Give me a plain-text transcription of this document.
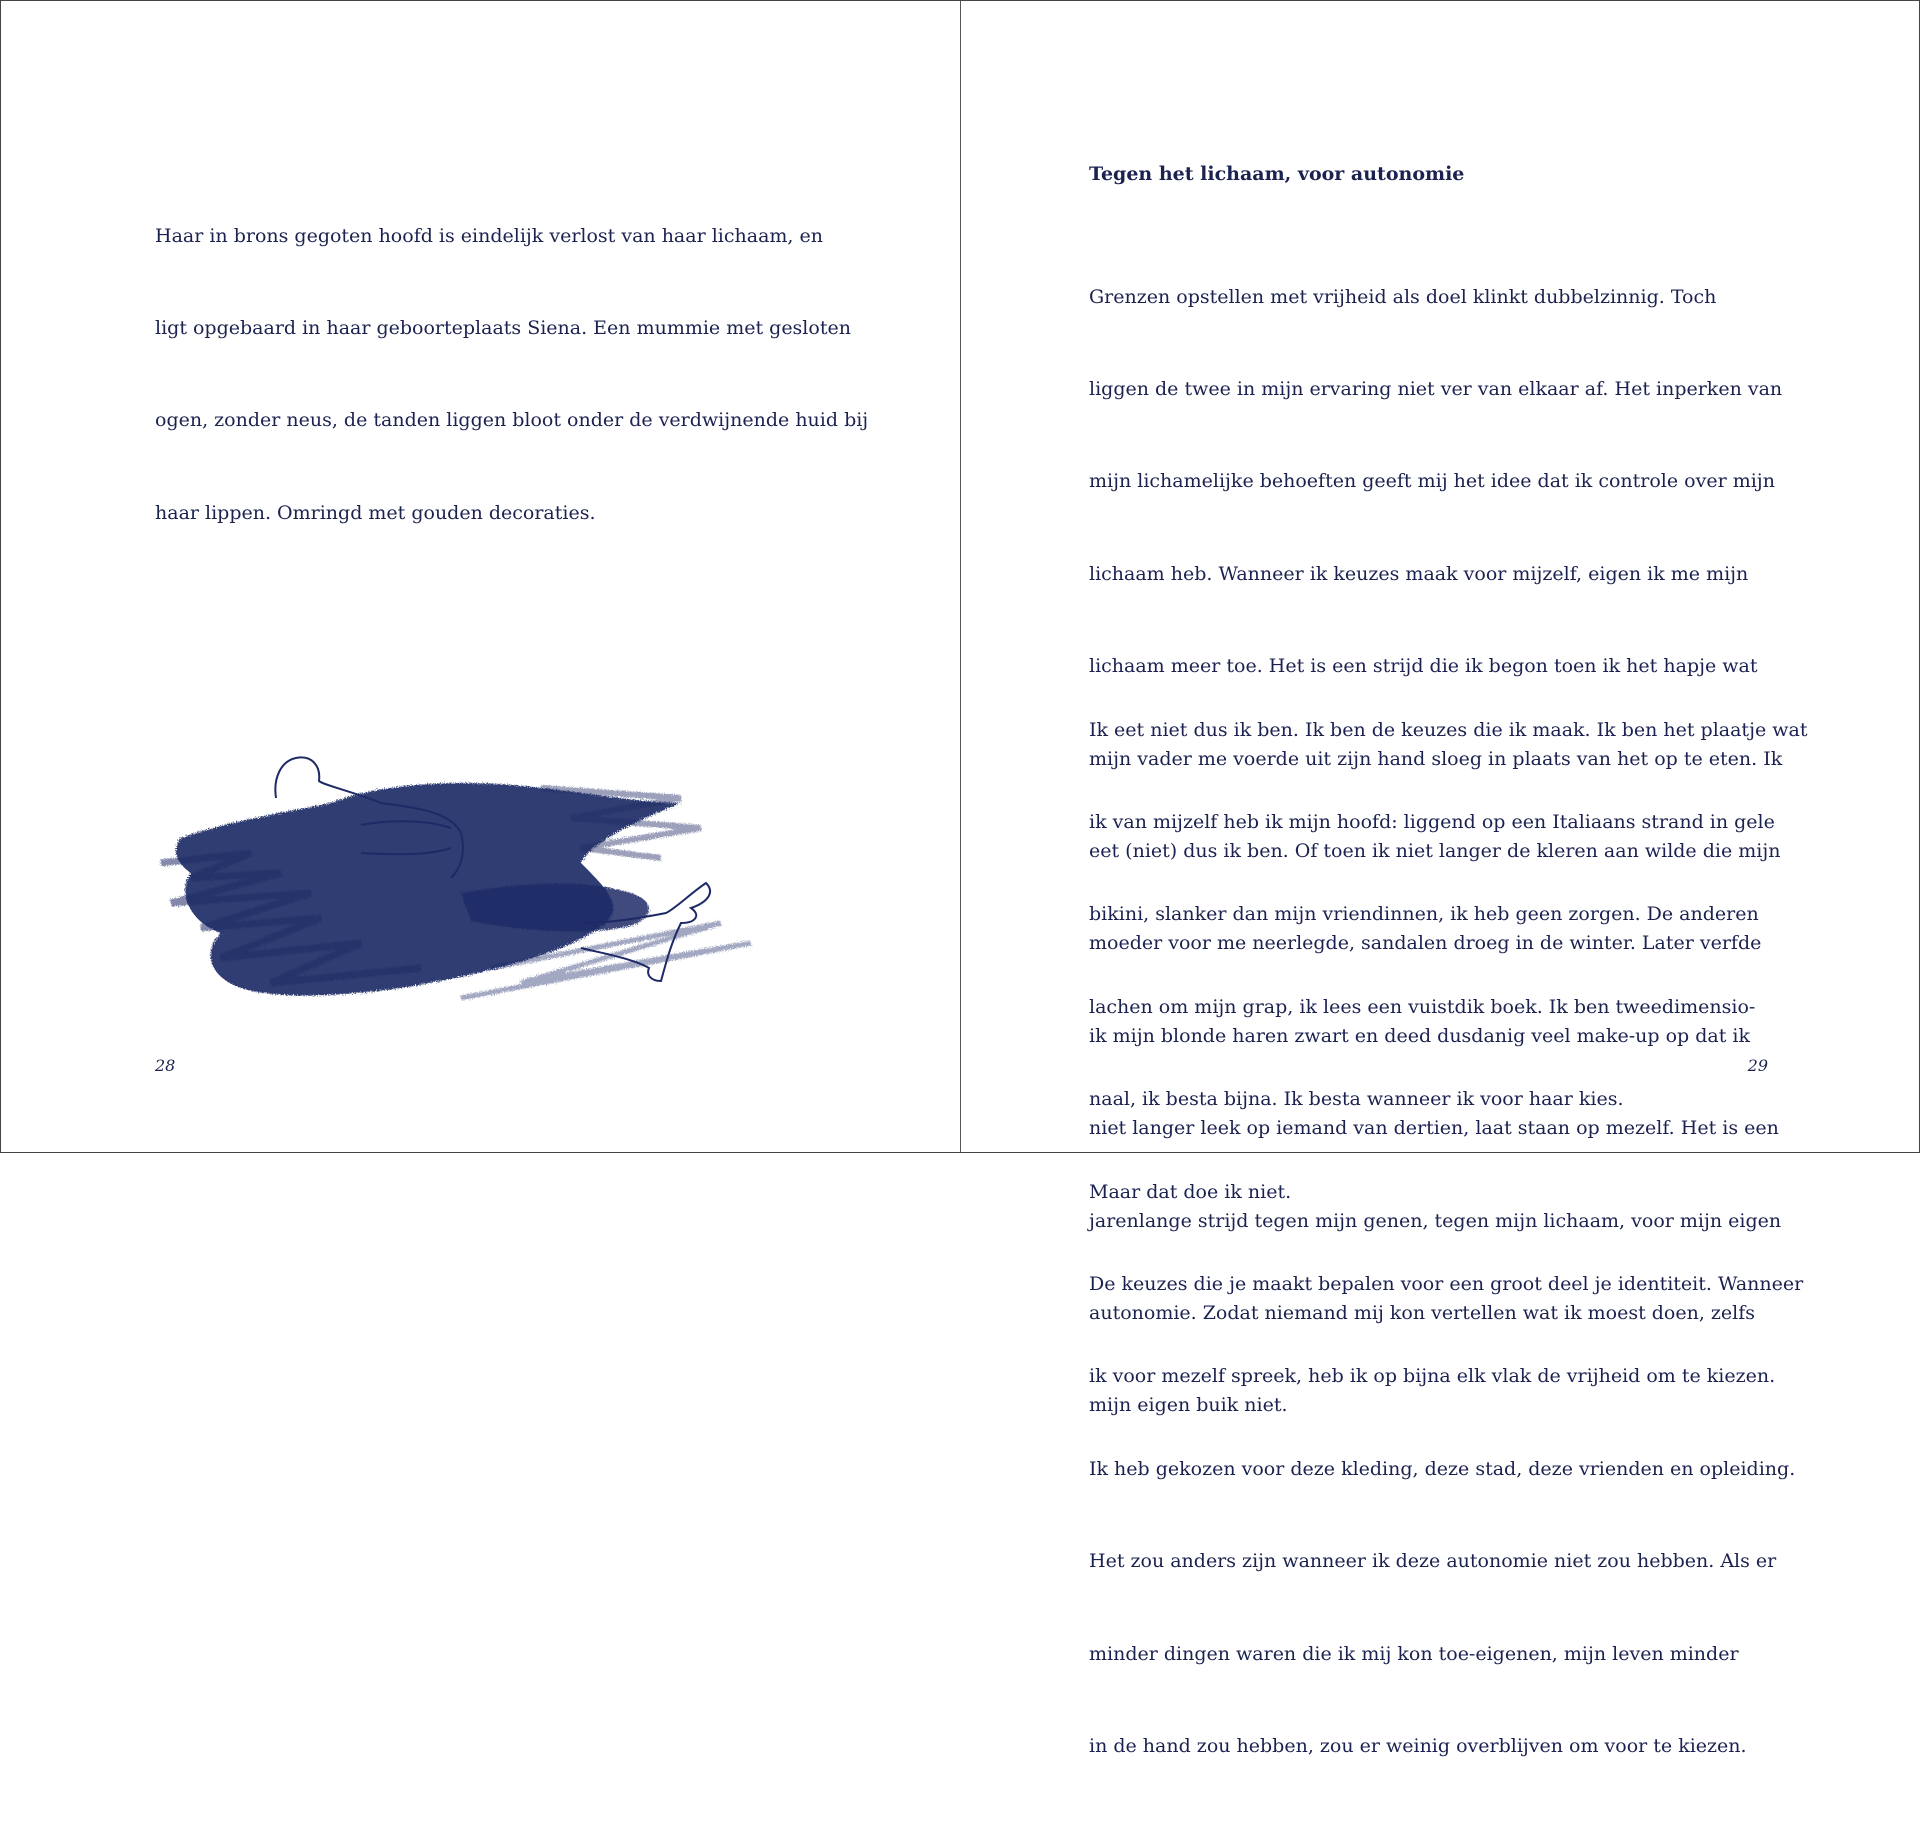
Haar in brons gegoten hoofd is eindelijk verlost van haar lichaam, en

ligt opgebaard in haar geboorteplaats Siena. Een mummie met gesloten

ogen, zonder neus, de tanden liggen bloot onder de verdwijnende huid bij

haar lippen. Omringd met gouden decoraties.

28
Tegen het lichaam, voor autonomie

Grenzen opstellen met vrijheid als doel klinkt dubbelzinnig. Toch

liggen de twee in mijn ervaring niet ver van elkaar af. Het inperken van

mijn lichamelijke behoeften geeft mij het idee dat ik controle over mijn

lichaam heb. Wanneer ik keuzes maak voor mijzelf, eigen ik me mijn

lichaam meer toe. Het is een strijd die ik begon toen ik het hapje wat

mijn vader me voerde uit zijn hand sloeg in plaats van het op te eten. Ik

eet (niet) dus ik ben. Of toen ik niet langer de kleren aan wilde die mijn

moeder voor me neerlegde, sandalen droeg in de winter. Later verfde

ik mijn blonde haren zwart en deed dusdanig veel make-up op dat ik

niet langer leek op iemand van dertien, laat staan op mezelf. Het is een

jarenlange strijd tegen mijn genen, tegen mijn lichaam, voor mijn eigen

autonomie. Zodat niemand mij kon vertellen wat ik moest doen, zelfs

mijn eigen buik niet.

Ik eet niet dus ik ben. Ik ben de keuzes die ik maak. Ik ben het plaatje wat

ik van mijzelf heb ik mijn hoofd: liggend op een Italiaans strand in gele

bikini, slanker dan mijn vriendinnen, ik heb geen zorgen. De anderen

lachen om mijn grap, ik lees een vuistdik boek. Ik ben tweedimensio-

naal, ik besta bijna. Ik besta wanneer ik voor haar kies.

Maar dat doe ik niet.

De keuzes die je maakt bepalen voor een groot deel je identiteit. Wanneer

ik voor mezelf spreek, heb ik op bijna elk vlak de vrijheid om te kiezen.

Ik heb gekozen voor deze kleding, deze stad, deze vrienden en opleiding.

Het zou anders zijn wanneer ik deze autonomie niet zou hebben. Als er

minder dingen waren die ik mij kon toe-eigenen, mijn leven minder

in de hand zou hebben, zou er weinig overblijven om voor te kiezen.

29
